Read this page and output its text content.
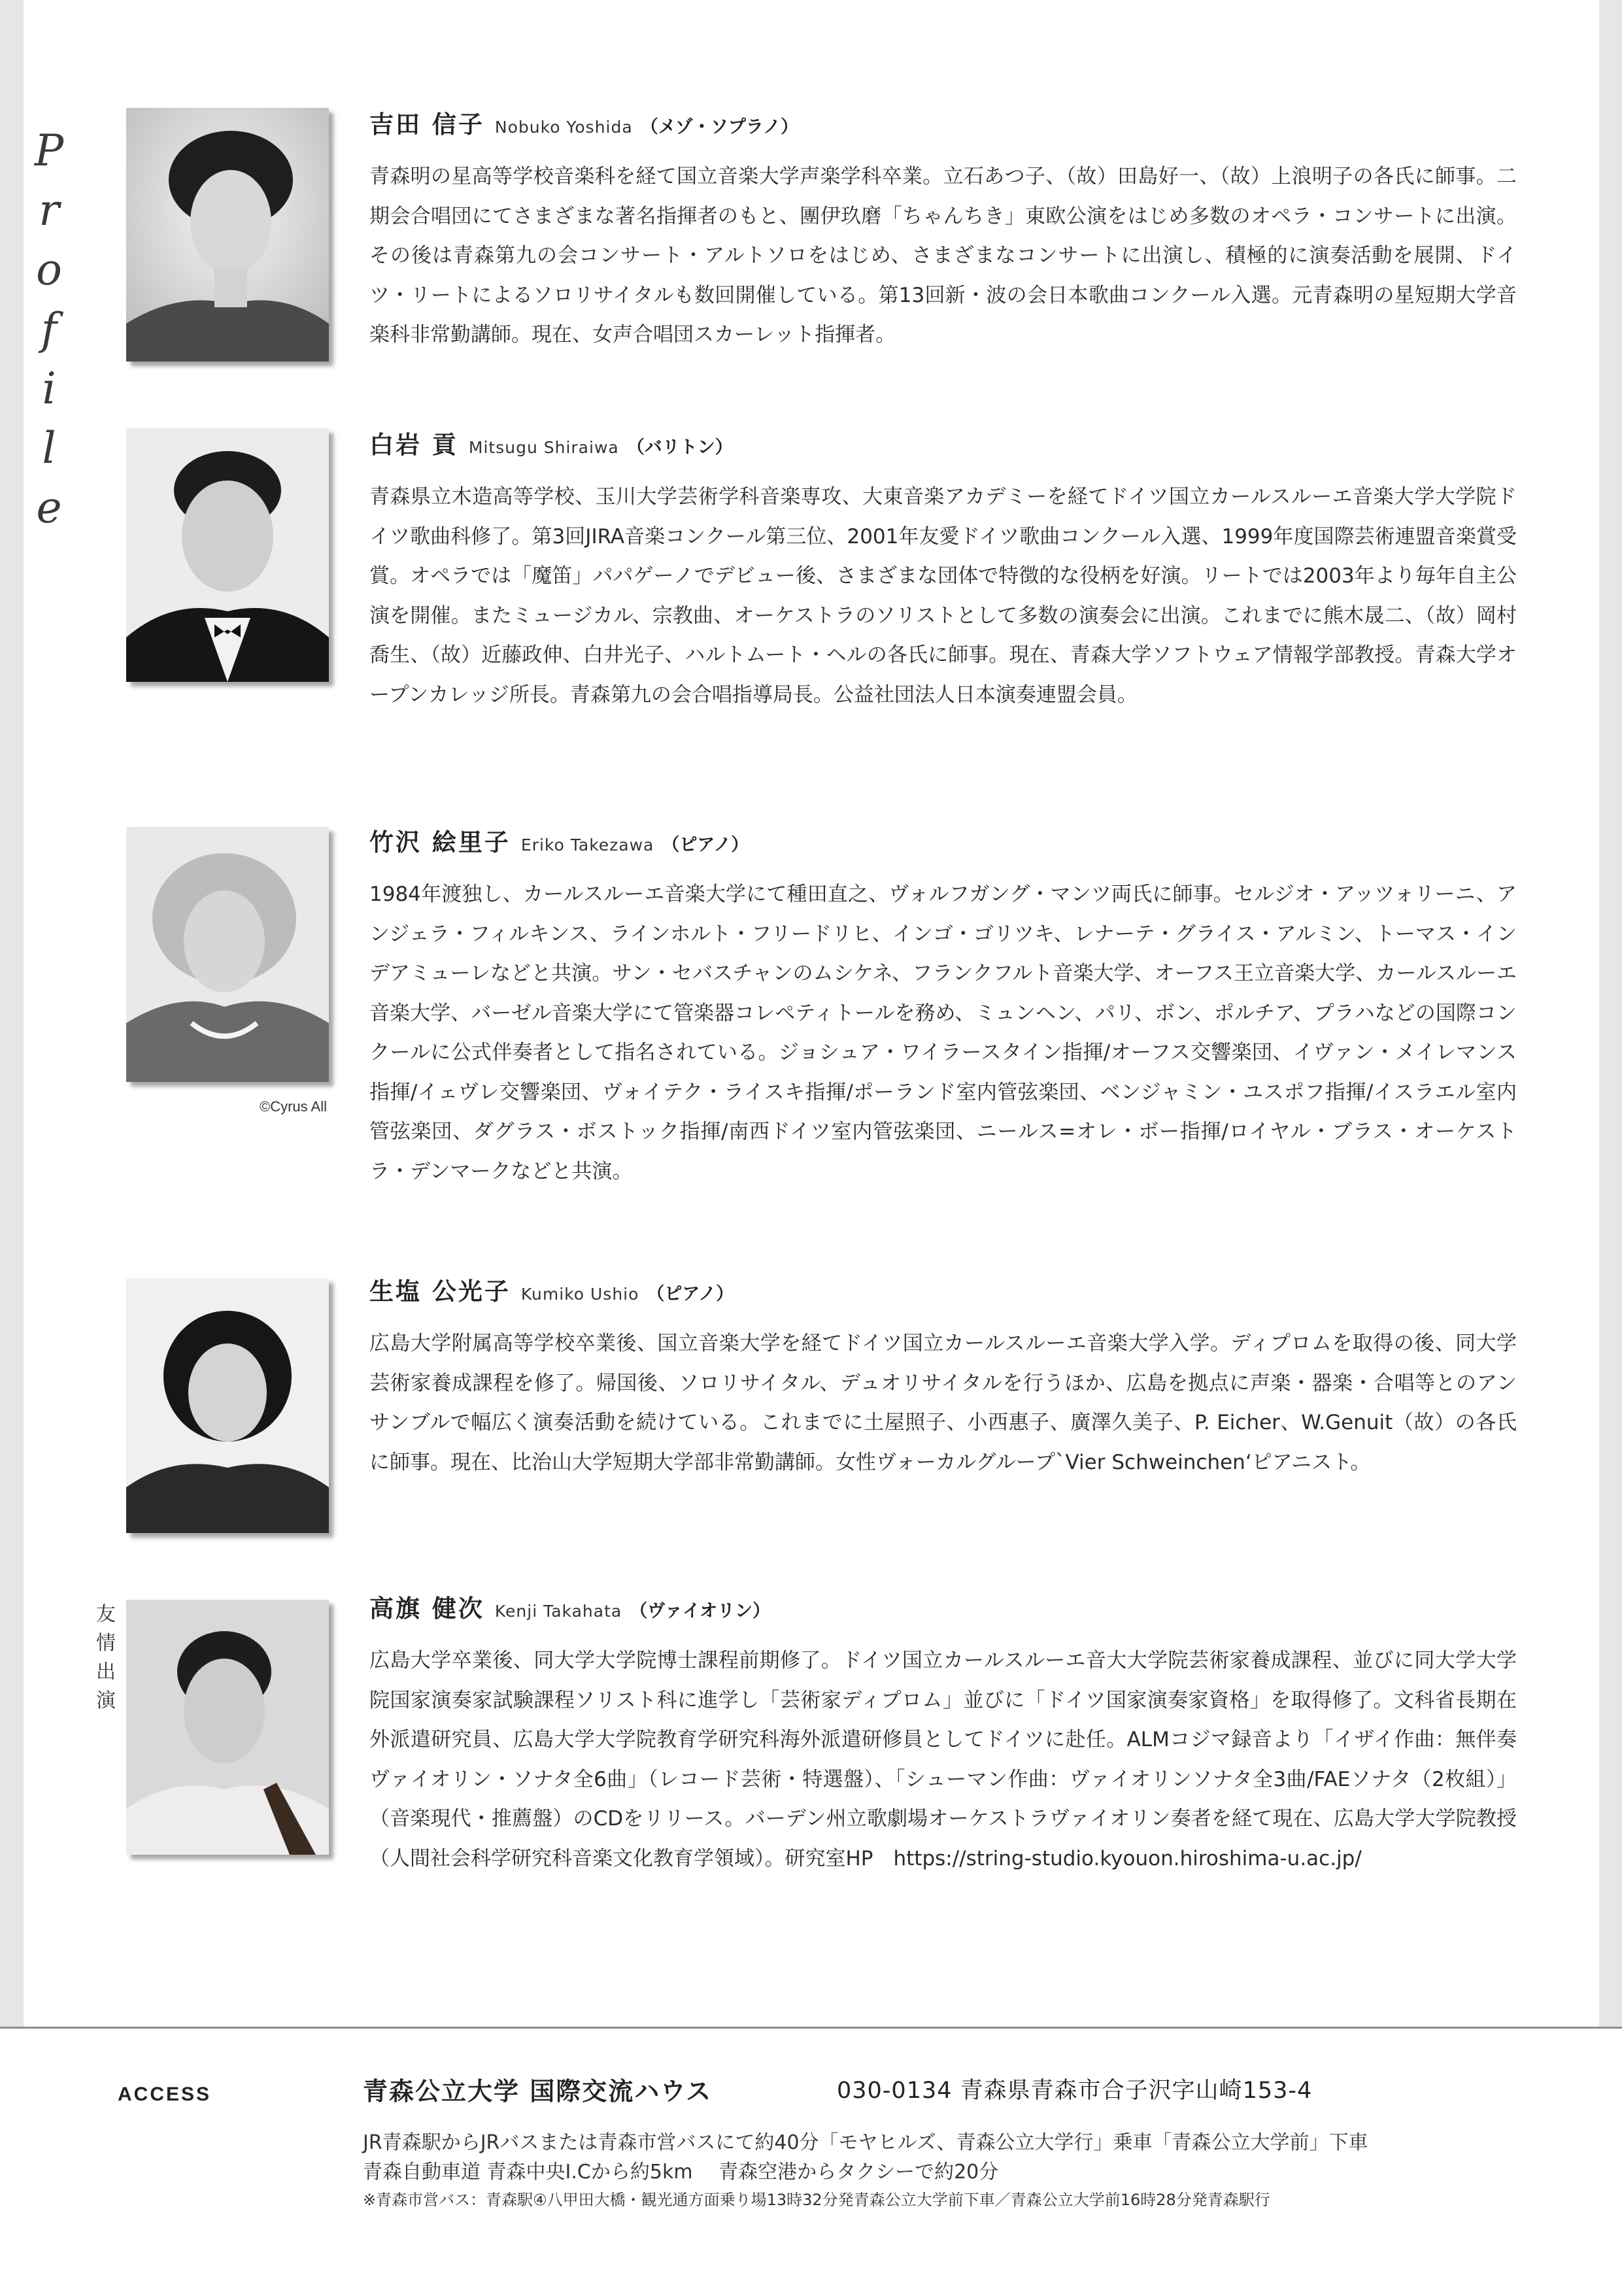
P
r
o
f
i
l
e
吉田 信子 Nobuko Yoshida （メゾ・ソプラノ）

青森明の星高等学校音楽科を経て国立音楽大学声楽学科卒業。立石あつ子、（故）田島好一、（故）上浪明子の各氏に師事。二期会合唱団にてさまざまな著名指揮者のもと、團伊玖磨「ちゃんちき」東欧公演をはじめ多数のオペラ・コンサートに出演。その後は青森第九の会コンサート・アルトソロをはじめ、さまざまなコンサートに出演し、積極的に演奏活動を展開、ドイツ・リートによるソロリサイタルも数回開催している。第13回新・波の会日本歌曲コンクール入選。元青森明の星短期大学音楽科非常勤講師。現在、女声合唱団スカーレット指揮者。

白岩 貢 Mitsugu Shiraiwa （バリトン）

青森県立木造高等学校、玉川大学芸術学科音楽専攻、大東音楽アカデミーを経てドイツ国立カールスルーエ音楽大学大学院ドイツ歌曲科修了。第3回JIRA音楽コンクール第三位、2001年友愛ドイツ歌曲コンクール入選、1999年度国際芸術連盟音楽賞受賞。オペラでは「魔笛」パパゲーノでデビュー後、さまざまな団体で特徴的な役柄を好演。リートでは2003年より毎年自主公演を開催。またミュージカル、宗教曲、オーケストラのソリストとして多数の演奏会に出演。これまでに熊木晟二、（故）岡村喬生、（故）近藤政伸、白井光子、ハルトムート・ヘルの各氏に師事。現在、青森大学ソフトウェア情報学部教授。青森大学オープンカレッジ所長。青森第九の会合唱指導局長。公益社団法人日本演奏連盟会員。

©Cyrus All
竹沢 絵里子 Eriko Takezawa （ピアノ）

1984年渡独し、カールスルーエ音楽大学にて種田直之、ヴォルフガング・マンツ両氏に師事。セルジオ・アッツォリーニ、アンジェラ・フィルキンス、ラインホルト・フリードリヒ、インゴ・ゴリツキ、レナーテ・グライス・アルミン、トーマス・インデアミューレなどと共演。サン・セバスチャンのムシケネ、フランクフルト音楽大学、オーフス王立音楽大学、カールスルーエ音楽大学、バーゼル音楽大学にて管楽器コレペティトールを務め、ミュンヘン、パリ、ボン、ポルチア、プラハなどの国際コンクールに公式伴奏者として指名されている。ジョシュア・ワイラースタイン指揮/オーフス交響楽団、イヴァン・メイレマンス指揮/イェヴレ交響楽団、ヴォイテク・ライスキ指揮/ポーランド室内管弦楽団、ベンジャミン・ユスポフ指揮/イスラエル室内管弦楽団、ダグラス・ボストック指揮/南西ドイツ室内管弦楽団、ニールス=オレ・ボー指揮/ロイヤル・ブラス・オーケストラ・デンマークなどと共演。

生塩 公光子 Kumiko Ushio （ピアノ）

広島大学附属高等学校卒業後、国立音楽大学を経てドイツ国立カールスルーエ音楽大学入学。ディプロムを取得の後、同大学芸術家養成課程を修了。帰国後、ソロリサイタル、デュオリサイタルを行うほか、広島を拠点に声楽・器楽・合唱等とのアンサンブルで幅広く演奏活動を続けている。これまでに土屋照子、小西惠子、廣澤久美子、P. Eicher、W.Genuit（故）の各氏に師事。現在、比治山大学短期大学部非常勤講師。女性ヴォーカルグループ`Vier Schweinchen‘ピアニスト。

友
情
出
演
高旗 健次 Kenji Takahata （ヴァイオリン）

広島大学卒業後、同大学大学院博士課程前期修了。ドイツ国立カールスルーエ音大大学院芸術家養成課程、並びに同大学大学院国家演奏家試験課程ソリスト科に進学し「芸術家ディプロム」並びに「ドイツ国家演奏家資格」を取得修了。文科省長期在外派遣研究員、広島大学大学院教育学研究科海外派遣研修員としてドイツに赴任。ALMコジマ録音より「イザイ作曲：無伴奏ヴァイオリン・ソナタ全6曲」（レコード芸術・特選盤）、「シューマン作曲：ヴァイオリンソナタ全3曲/FAEソナタ（2枚組）」（音楽現代・推薦盤）のCDをリリース。バーデン州立歌劇場オーケストラヴァイオリン奏者を経て現在、広島大学大学院教授（人間社会科学研究科音楽文化教育学領域）。研究室HP　https://string-studio.kyouon.hiroshima-u.ac.jp/

ACCESS	青森公立大学 国際交流ハウス	030-0134 青森県青森市合子沢字山崎153-4
JR青森駅からJRバスまたは青森市営バスにて約40分「モヤヒルズ、青森公立大学行」乗車「青森公立大学前」下車
青森自動車道 青森中央I.Cから約5km　 青森空港からタクシーで約20分
※青森市営バス：青森駅④八甲田大橋・観光通方面乗り場13時32分発青森公立大学前下車／青森公立大学前16時28分発青森駅行
